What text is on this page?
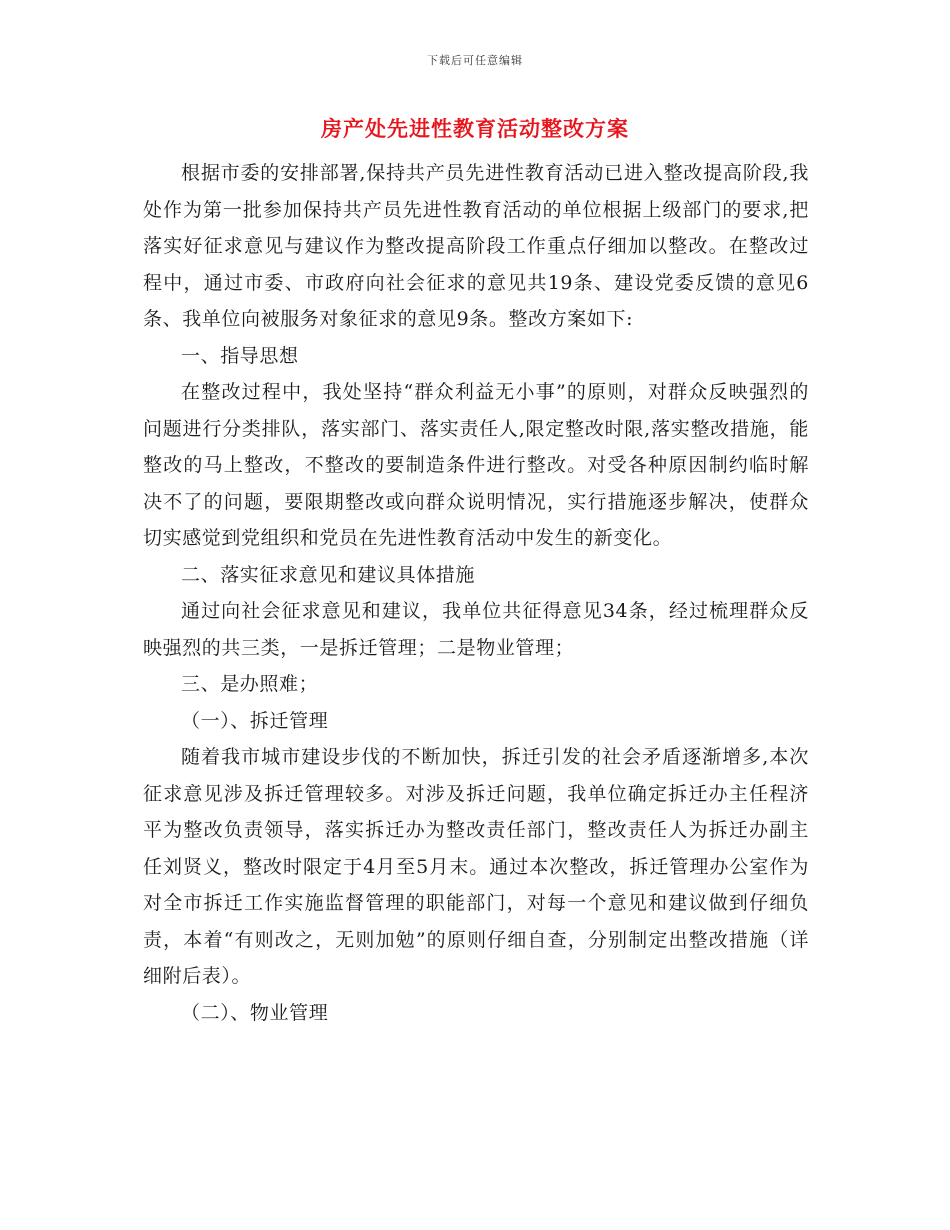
下载后可任意编辑
房产处先进性教育活动整改方案

根据市委的安排部署,保持共产员先进性教育活动已进入整改提高阶段,我处作为第一批参加保持共产员先进性教育活动的单位根据上级部门的要求,把落实好征求意见与建议作为整改提高阶段工作重点仔细加以整改。在整改过程中，通过市委、市政府向社会征求的意见共19条、建设党委反馈的意见6条、我单位向被服务对象征求的意见9条。整改方案如下:

一、指导思想

在整改过程中，我处坚持“群众利益无小事”的原则，对群众反映强烈的问题进行分类排队，落实部门、落实责任人,限定整改时限,落实整改措施，能整改的马上整改，不整改的要制造条件进行整改。对受各种原因制约临时解决不了的问题，要限期整改或向群众说明情况，实行措施逐步解决，使群众切实感觉到党组织和党员在先进性教育活动中发生的新变化。

二、落实征求意见和建议具体措施

通过向社会征求意见和建议，我单位共征得意见34条，经过梳理群众反映强烈的共三类，一是拆迁管理；二是物业管理；

三、是办照难；

（一）、拆迁管理

随着我市城市建设步伐的不断加快，拆迁引发的社会矛盾逐渐增多,本次征求意见涉及拆迁管理较多。对涉及拆迁问题，我单位确定拆迁办主任程济平为整改负责领导，落实拆迁办为整改责任部门，整改责任人为拆迁办副主任刘贤义，整改时限定于4月至5月末。通过本次整改，拆迁管理办公室作为对全市拆迁工作实施监督管理的职能部门，对每一个意见和建议做到仔细负责，本着“有则改之，无则加勉”的原则仔细自查，分别制定出整改措施（详细附后表）。

（二）、物业管理
